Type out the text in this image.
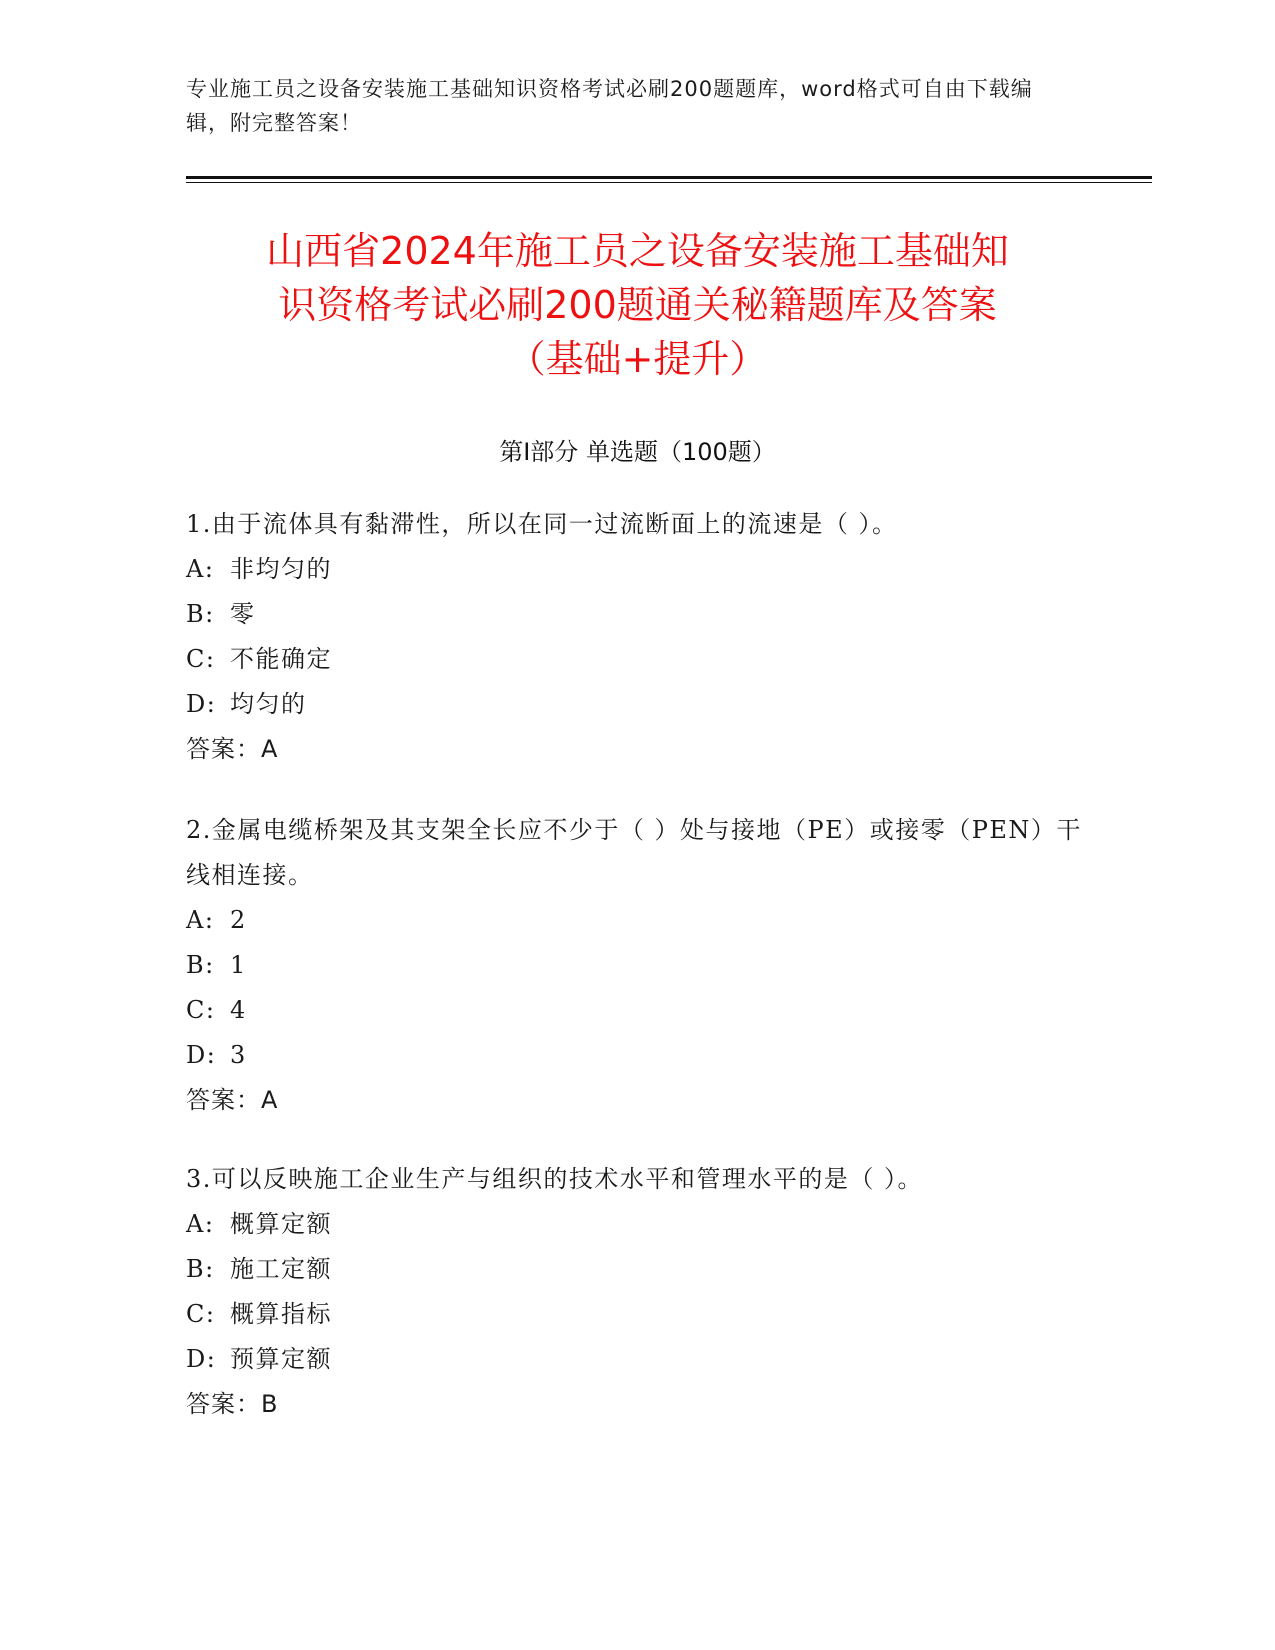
专业施工员之设备安装施工基础知识资格考试必刷200题题库，word格式可自由下载编辑，附完整答案！
山西省2024年施工员之设备安装施工基础知
识资格考试必刷200题通关秘籍题库及答案
（基础+提升）
第Ⅰ部分 单选题（100题）
1.由于流体具有黏滞性，所以在同一过流断面上的流速是（ ）。
A: 非均匀的
B: 零
C: 不能确定
D: 均匀的
答案：A
2.金属电缆桥架及其支架全长应不少于（ ）处与接地（PE）或接零（PEN）干线相连接。
A: 2
B: 1
C: 4
D: 3
答案：A
3.可以反映施工企业生产与组织的技术水平和管理水平的是（ ）。
A: 概算定额
B: 施工定额
C: 概算指标
D: 预算定额
答案：B
